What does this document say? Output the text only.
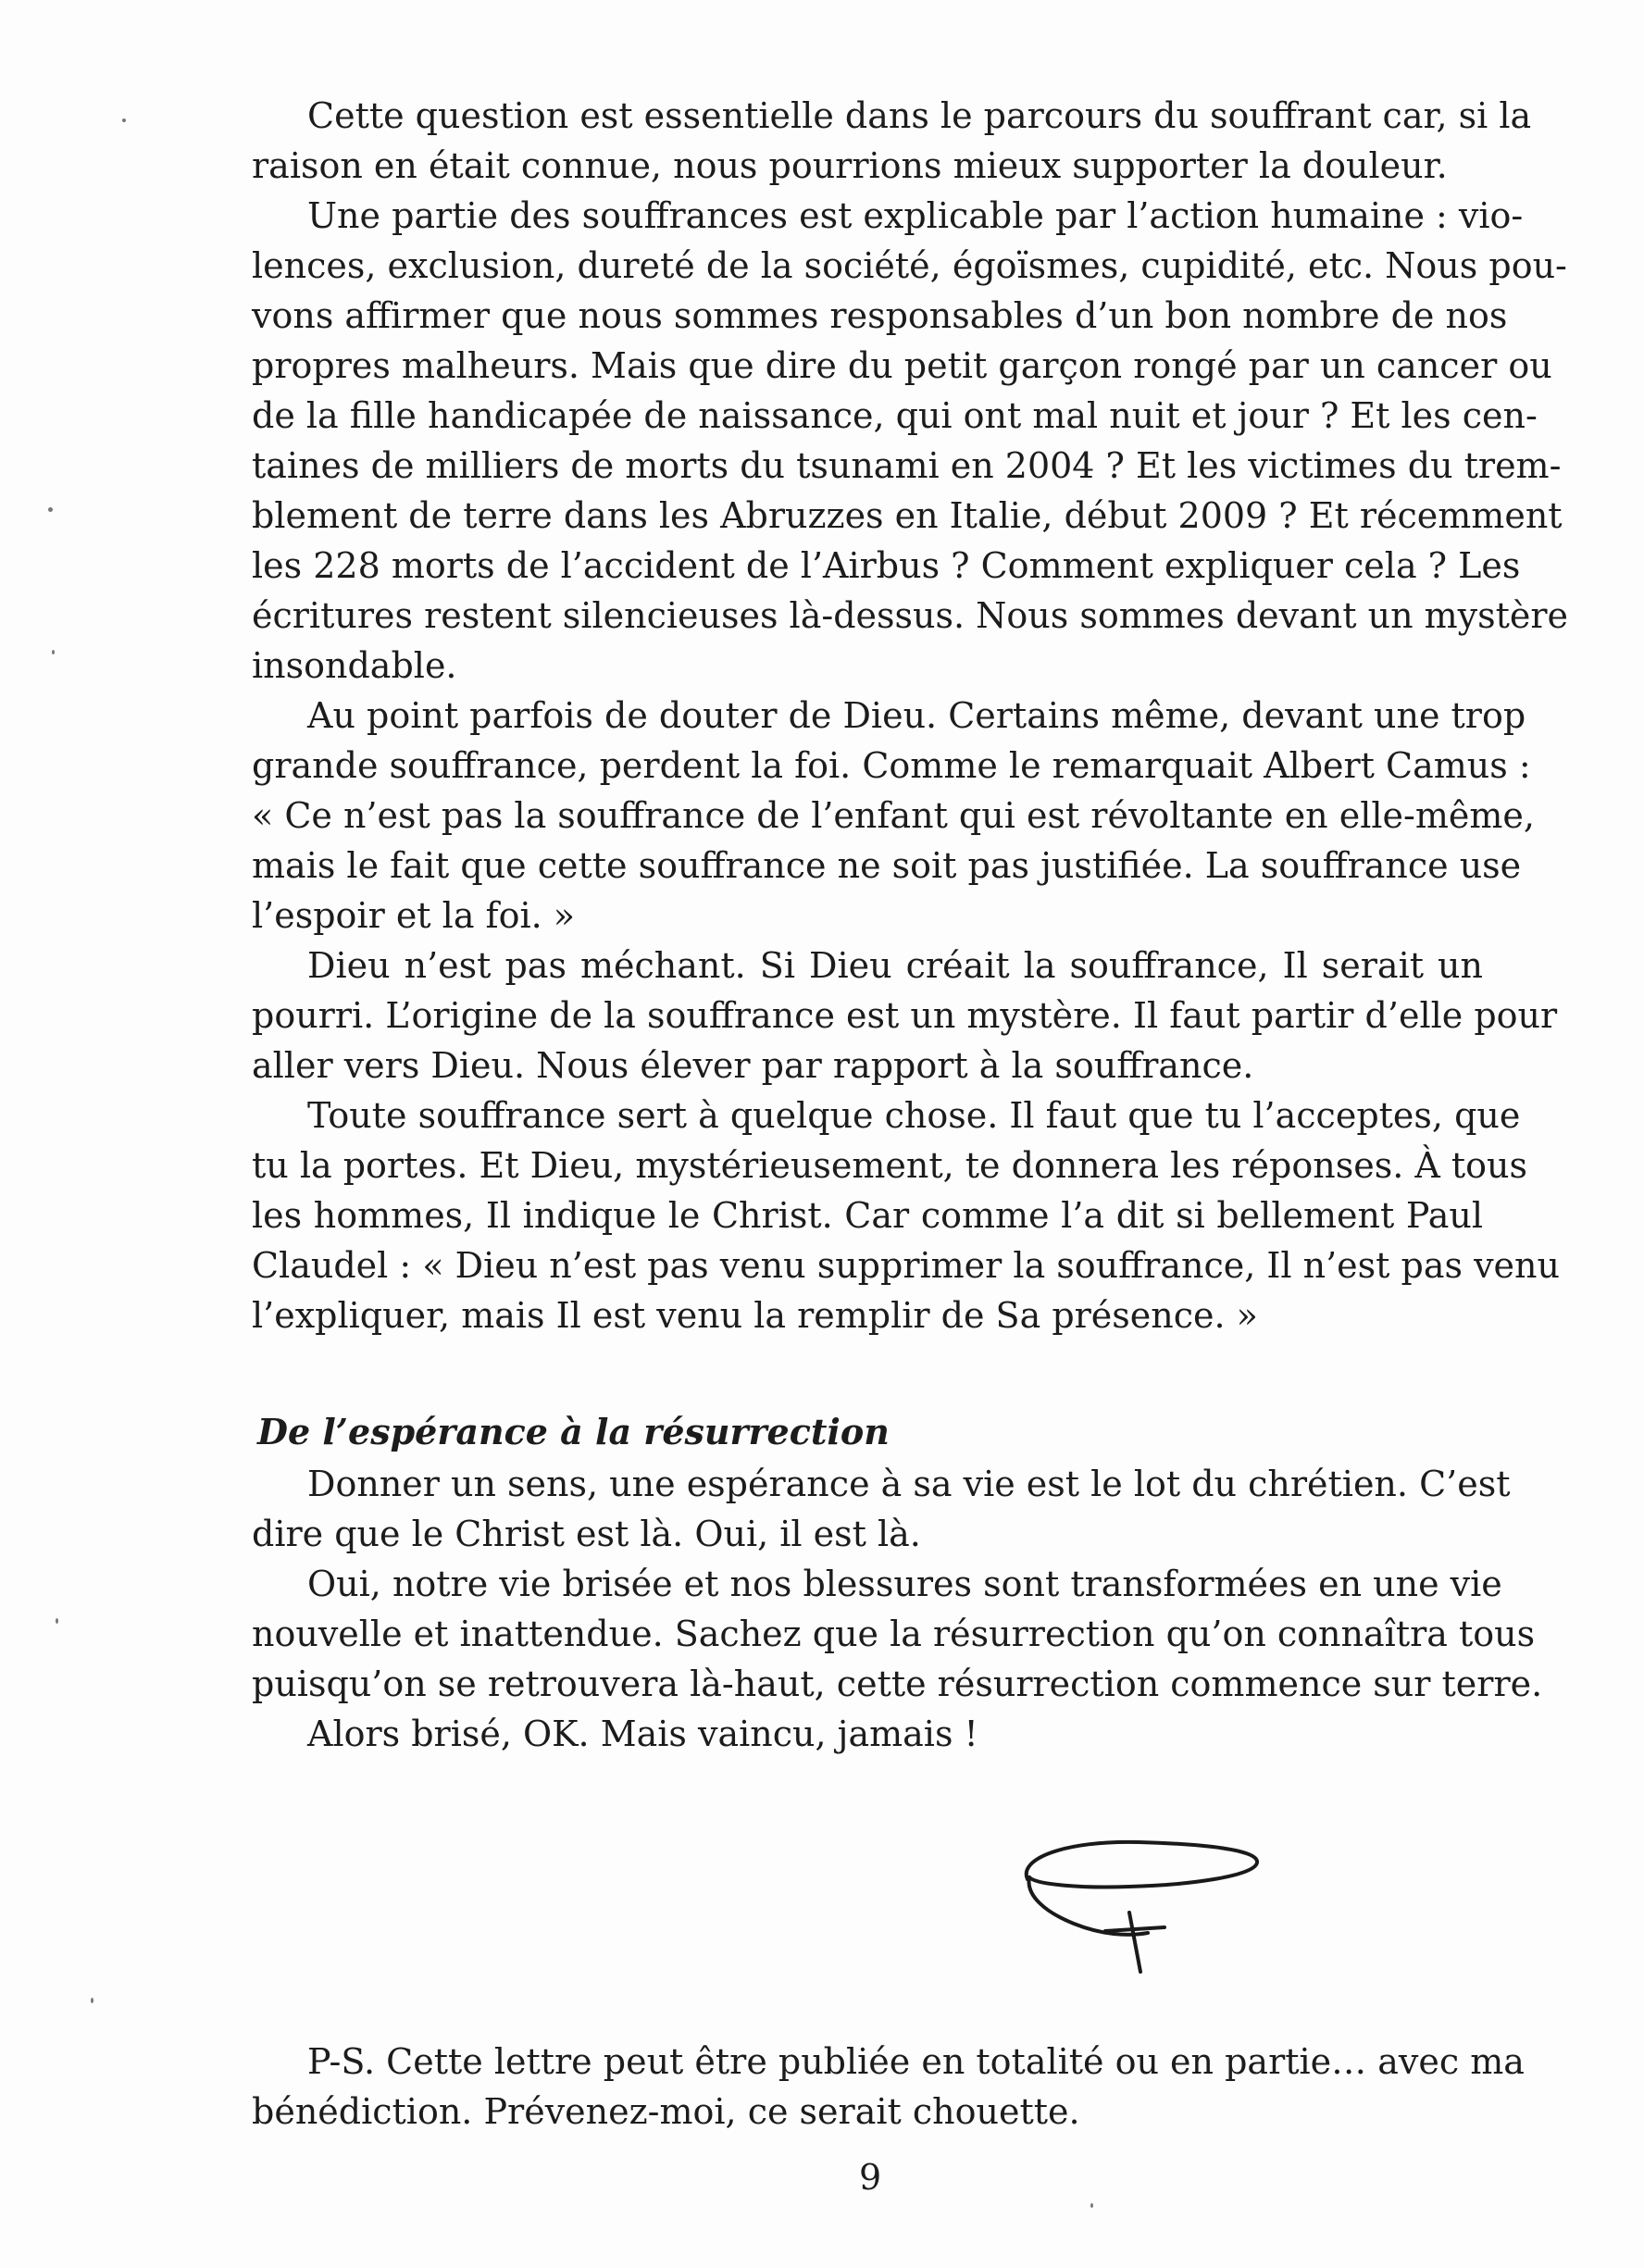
Cette question est essentielle dans le parcours du souffrant car, si la
raison en était connue, nous pourrions mieux supporter la douleur.
Une partie des souffrances est explicable par l’action humaine : vio-
lences, exclusion, dureté de la société, égoïsmes, cupidité, etc. Nous pou-
vons affirmer que nous sommes responsables d’un bon nombre de nos
propres malheurs. Mais que dire du petit garçon rongé par un cancer ou
de la fille handicapée de naissance, qui ont mal nuit et jour ? Et les cen-
taines de milliers de morts du tsunami en 2004 ? Et les victimes du trem-
blement de terre dans les Abruzzes en Italie, début 2009 ? Et récemment
les 228 morts de l’accident de l’Airbus ? Comment expliquer cela ? Les
écritures restent silencieuses là-dessus. Nous sommes devant un mystère
insondable.
Au point parfois de douter de Dieu. Certains même, devant une trop
grande souffrance, perdent la foi. Comme le remarquait Albert Camus :
« Ce n’est pas la souffrance de l’enfant qui est révoltante en elle-même,
mais le fait que cette souffrance ne soit pas justifiée. La souffrance use
l’espoir et la foi. »
Dieu n’est pas méchant. Si Dieu créait la souffrance, Il serait un
pourri. L’origine de la souffrance est un mystère. Il faut partir d’elle pour
aller vers Dieu. Nous élever par rapport à la souffrance.
Toute souffrance sert à quelque chose. Il faut que tu l’acceptes, que
tu la portes. Et Dieu, mystérieusement, te donnera les réponses. À tous
les hommes, Il indique le Christ. Car comme l’a dit si bellement Paul
Claudel : « Dieu n’est pas venu supprimer la souffrance, Il n’est pas venu
l’expliquer, mais Il est venu la remplir de Sa présence. »
De l’espérance à la résurrection
Donner un sens, une espérance à sa vie est le lot du chrétien. C’est
dire que le Christ est là. Oui, il est là.
Oui, notre vie brisée et nos blessures sont transformées en une vie
nouvelle et inattendue. Sachez que la résurrection qu’on connaîtra tous
puisqu’on se retrouvera là-haut, cette résurrection commence sur terre.
Alors brisé, OK. Mais vaincu, jamais !
P-S. Cette lettre peut être publiée en totalité ou en partie… avec ma
bénédiction. Prévenez-moi, ce serait chouette.
9
